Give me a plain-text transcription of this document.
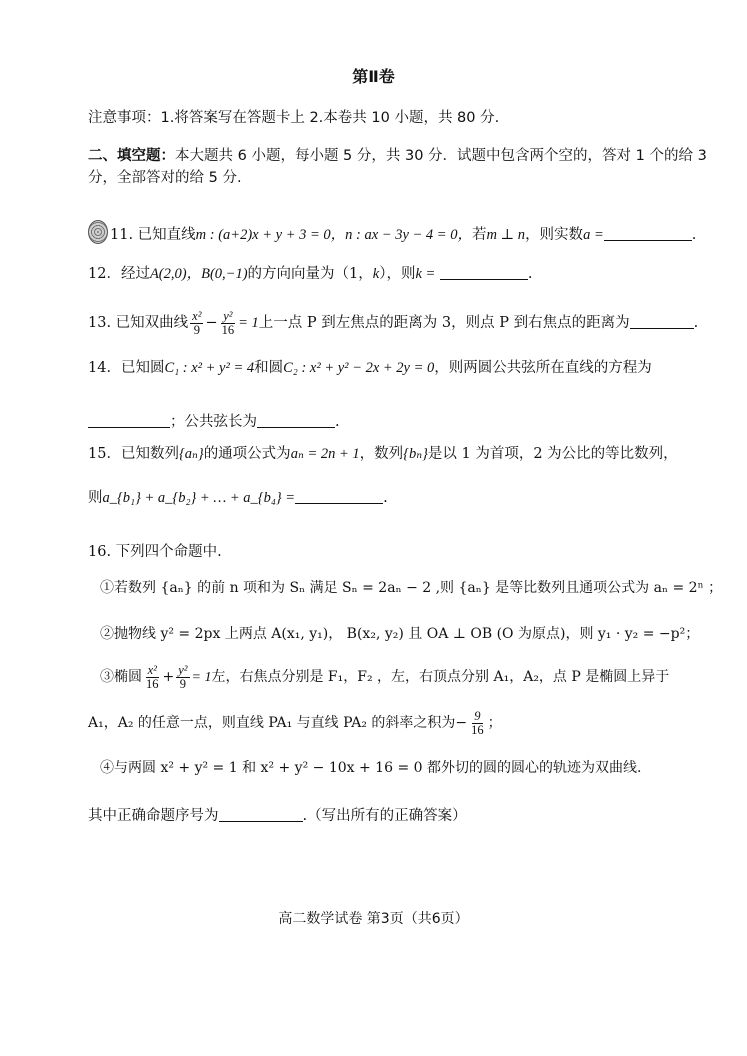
第Ⅱ卷
注意事项：1.将答案写在答题卡上 2.本卷共 10 小题，共 80 分.
二、填空题：本大题共 6 小题，每小题 5 分，共 30 分．试题中包含两个空的，答对 1 个的给 3
分，全部答对的给 5 分.
11. 已知直线m : (a+2)x + y + 3 = 0，n : ax − 3y − 4 = 0，若m ⊥ n，则实数a =	.
12．经过A(2,0)，B(0,−1)的方向向量为（1，k），则k =	.
13. 已知双曲线 $\frac{\text{x²}}{9} - \frac{\text{y²}}{16} = 1$上一点 P 到左焦点的距离为 3，则点 P 到右焦点的距离为	.
14．已知圆C₁ : x² + y² = 4和圆C₂ : x² + y² − 2x + 2y = 0，则两圆公共弦所在直线的方程为
；公共弦长为	.
15．已知数列{aₙ}的通项公式为aₙ = 2n + 1，数列{bₙ}是以 1 为首项，2 为公比的等比数列，
则a_{b₁} + a_{b₂} + … + a_{b₄} =	.
16. 下列四个命题中.
①若数列 {aₙ} 的前 n 项和为 Sₙ 满足 Sₙ = 2aₙ − 2 ,则 {aₙ} 是等比数列且通项公式为 aₙ = 2ⁿ ；
②抛物线 y² = 2px 上两点 A(x₁, y₁)， B(x₂, y₂) 且 OA ⊥ OB (O 为原点)，则 y₁ · y₂ = −p²；
③椭圆 $\frac{\text{x²}}{16} + \frac{\text{y²}}{9} = 1$左，右焦点分别是 F₁，F₂ ，左，右顶点分别 A₁，A₂，点 P 是椭圆上异于
A₁，A₂ 的任意一点，则直线 PA₁ 与直线 PA₂ 的斜率之积为− $\frac{9}{16}$ ；
④与两圆 x² + y² = 1 和 x² + y² − 10x + 16 = 0 都外切的圆的圆心的轨迹为双曲线.
其中正确命题序号为	.（写出所有的正确答案）
高二数学试卷 第3页（共6页）
